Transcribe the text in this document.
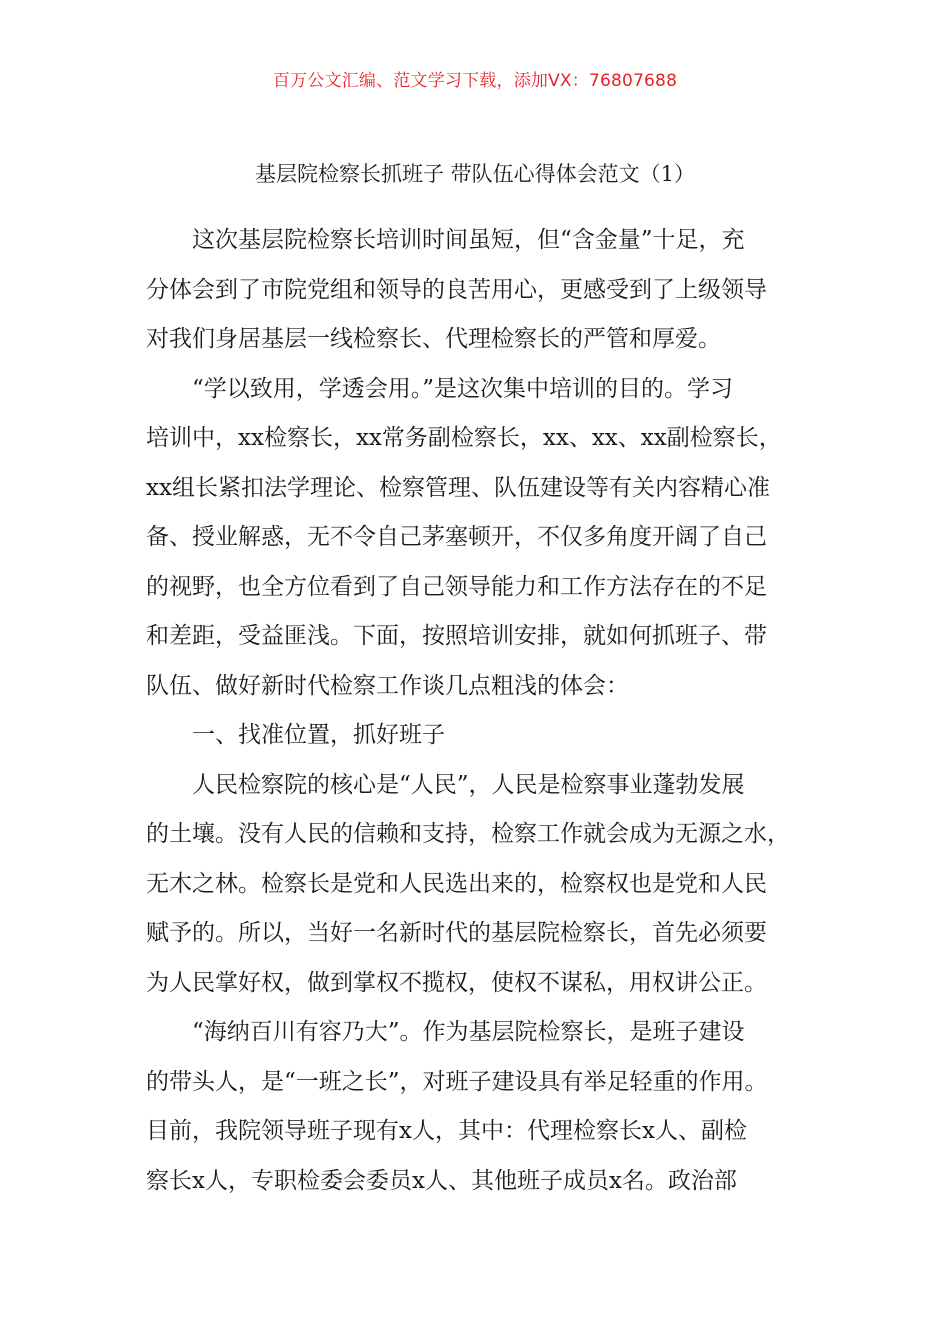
百万公文汇编、范文学习下载，添加VX：76807688
基层院检察长抓班子 带队伍心得体会范文（1）
这次基层院检察长培训时间虽短，但“含金量”十足，充
分体会到了市院党组和领导的良苦用心，更感受到了上级领导
对我们身居基层一线检察长、代理检察长的严管和厚爱。
“学以致用，学透会用。”是这次集中培训的目的。学习
培训中，xx检察长，xx常务副检察长，xx、xx、xx副检察长，
xx组长紧扣法学理论、检察管理、队伍建设等有关内容精心准
备、授业解惑，无不令自己茅塞顿开，不仅多角度开阔了自己
的视野，也全方位看到了自己领导能力和工作方法存在的不足
和差距，受益匪浅。下面，按照培训安排，就如何抓班子、带
队伍、做好新时代检察工作谈几点粗浅的体会：
一、找准位置，抓好班子
人民检察院的核心是“人民”，人民是检察事业蓬勃发展
的土壤。没有人民的信赖和支持，检察工作就会成为无源之水，
无木之林。检察长是党和人民选出来的，检察权也是党和人民
赋予的。所以，当好一名新时代的基层院检察长，首先必须要
为人民掌好权，做到掌权不揽权，使权不谋私，用权讲公正。
“海纳百川有容乃大”。作为基层院检察长，是班子建设
的带头人，是“一班之长”，对班子建设具有举足轻重的作用。
目前，我院领导班子现有x人，其中：代理检察长x人、副检
察长x人，专职检委会委员x人、其他班子成员x名。政治部
